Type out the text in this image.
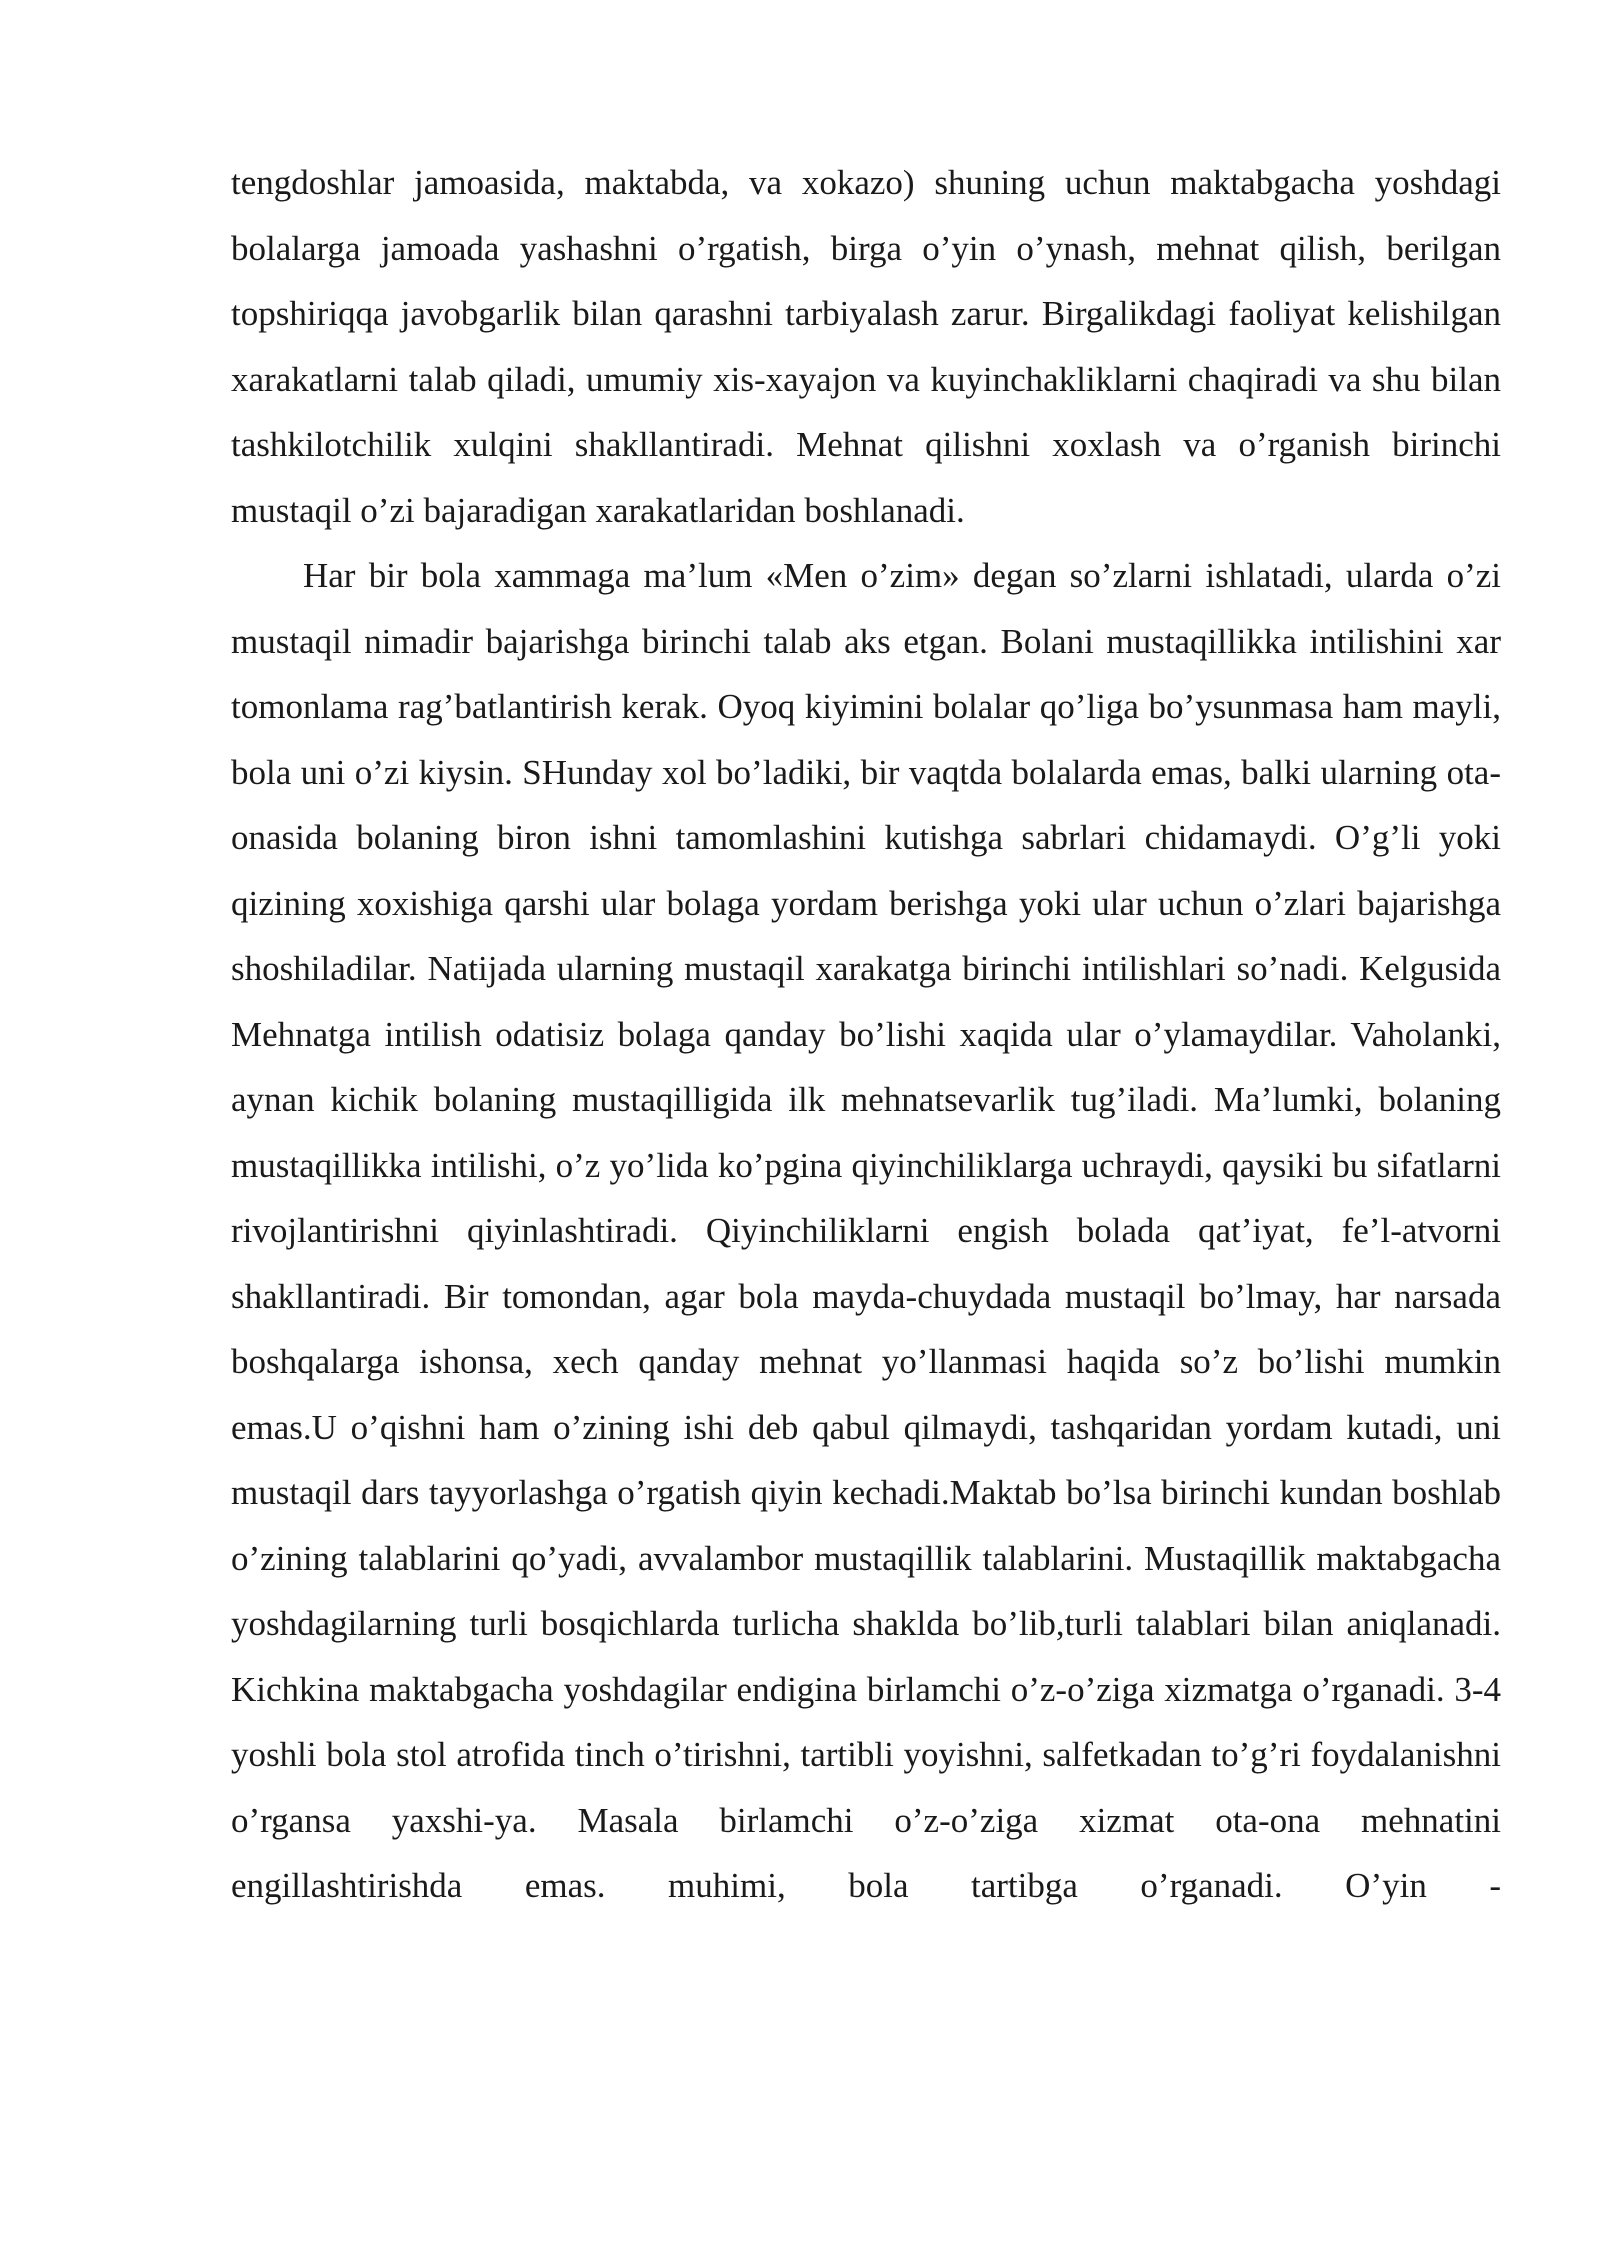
tengdoshlar jamoasida, maktabda, va xokazo) shuning uchun maktabgacha yoshdagi bolalarga jamoada yashashni o’rgatish, birga o’yin o’ynash, mehnat qilish, berilgan topshiriqqa javobgarlik bilan qarashni tarbiyalash zarur. Birgalikdagi faoliyat kelishilgan xarakatlarni talab qiladi, umumiy xis-xayajon va kuyinchakliklarni chaqiradi va shu bilan tashkilotchilik xulqini shakllantiradi. Mehnat qilishni xoxlash va o’rganish birinchi mustaqil o’zi bajaradigan xarakatlaridan boshlanadi.

Har bir bola xammaga ma’lum «Men o’zim» degan so’zlarni ishlatadi, ularda o’zi mustaqil nimadir bajarishga birinchi talab aks etgan. Bolani mustaqillikka intilishini xar tomonlama rag’batlantirish kerak. Oyoq kiyimini bolalar qo’liga bo’ysunmasa ham mayli, bola uni o’zi kiysin. SHunday xol bo’ladiki, bir vaqtda bolalarda emas, balki ularning ota-onasida bolaning biron ishni tamomlashini kutishga sabrlari chidamaydi. O’g’li yoki qizining xoxishiga qarshi ular bolaga yordam berishga yoki ular uchun o’zlari bajarishga shoshiladilar. Natijada ularning mustaqil xarakatga birinchi intilishlari so’nadi. Kelgusida Mehnatga intilish odatisiz bolaga qanday bo’lishi xaqida ular o’ylamaydilar. Vaholanki, aynan kichik bolaning mustaqilligida ilk mehnatsevarlik tug’iladi. Ma’lumki, bolaning mustaqillikka intilishi, o’z yo’lida ko’pgina qiyinchiliklarga uchraydi, qaysiki bu sifatlarni rivojlantirishni qiyinlashtiradi. Qiyinchiliklarni engish bolada qat’iyat, fe’l-atvorni shakllantiradi. Bir tomondan, agar bola mayda-chuydada mustaqil bo’lmay, har narsada boshqalarga ishonsa, xech qanday mehnat yo’llanmasi haqida so’z bo’lishi mumkin emas.U o’qishni ham o’zining ishi deb qabul qilmaydi, tashqaridan yordam kutadi, uni mustaqil dars tayyorlashga o’rgatish qiyin kechadi.Maktab bo’lsa birinchi kundan boshlab o’zining talablarini qo’yadi, avvalambor mustaqillik talablarini. Mustaqillik maktabgacha yoshdagilarning turli bosqichlarda turlicha shaklda bo’lib,turli talablari bilan aniqlanadi. Kichkina maktabgacha yoshdagilar endigina birlamchi o’z-o’ziga xizmatga o’rganadi. 3-4 yoshli bola stol atrofida tinch o’tirishni, tartibli yoyishni, salfetkadan to’g’ri foydalanishni o’rgansa yaxshi-ya. Masala birlamchi o’z-o’ziga xizmat ota-ona mehnatini engillashtirishda emas. muhimi, bola tartibga o’rganadi. O’yin -
